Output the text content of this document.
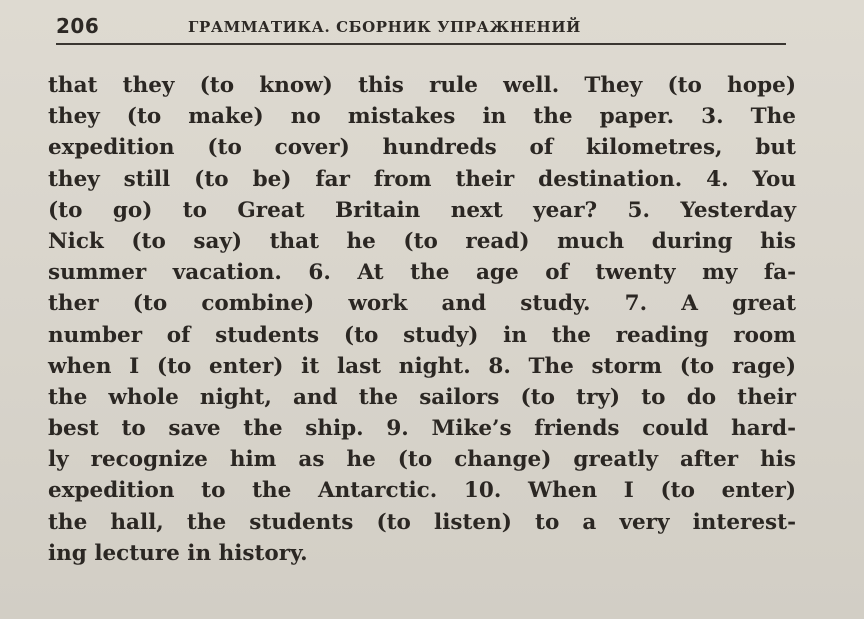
206	ГРАММАТИКА. СБОРНИК УПРАЖНЕНИЙ
that they (to know) this rule well. They (to hope)
they (to make) no mistakes in the paper. 3. The
expedition (to cover) hundreds of kilometres, but
they still (to be) far from their destination. 4. You
(to go) to Great Britain next year? 5. Yesterday
Nick (to say) that he (to read) much during his
summer vacation. 6. At the age of twenty my fa-
ther (to combine) work and study. 7. A great
number of students (to study) in the reading room
when I (to enter) it last night. 8. The storm (to rage)
the whole night, and the sailors (to try) to do their
best to save the ship. 9. Mike’s friends could hard-
ly recognize him as he (to change) greatly after his
expedition to the Antarctic. 10. When I (to enter)
the hall, the students (to listen) to a very interest-
ing lecture in history.
